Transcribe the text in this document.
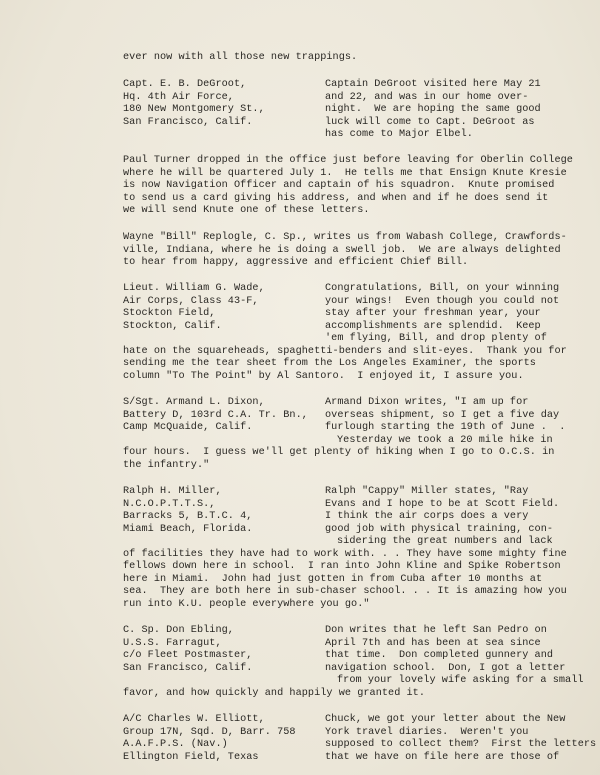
ever now with all those new trappings.
Capt. E. B. DeGroot,
Hq. 4th Air Force,
180 New Montgomery St.,
San Francisco, Calif.
Captain DeGroot visited here May 21
and 22, and was in our home over-
night.  We are hoping the same good
luck will come to Capt. DeGroot as
has come to Major Elbel.
Paul Turner dropped in the office just before leaving for Oberlin College
where he will be quartered July 1.  He tells me that Ensign Knute Kresie
is now Navigation Officer and captain of his squadron.  Knute promised
to send us a card giving his address, and when and if he does send it
we will send Knute one of these letters.
Wayne "Bill" Replogle, C. Sp., writes us from Wabash College, Crawfords-
ville, Indiana, where he is doing a swell job.  We are always delighted
to hear from happy, aggressive and efficient Chief Bill.
Lieut. William G. Wade,
Air Corps, Class 43-F,
Stockton Field,
Stockton, Calif.
Congratulations, Bill, on your winning
your wings!  Even though you could not
stay after your freshman year, your
accomplishments are splendid.  Keep
'em flying, Bill, and drop plenty of
hate on the squareheads, spaghetti-benders and slit-eyes.  Thank you for
sending me the tear sheet from the Los Angeles Examiner, the sports
column "To The Point" by Al Santoro.  I enjoyed it, I assure you.
S/Sgt. Armand L. Dixon,
Battery D, 103rd C.A. Tr. Bn.,
Camp McQuaide, Calif.
Armand Dixon writes, "I am up for
overseas shipment, so I get a five day
furlough starting the 19th of June .  .
Yesterday we took a 20 mile hike in
four hours.  I guess we'll get plenty of hiking when I go to O.C.S. in
the infantry."
Ralph H. Miller,
N.C.O.P.T.T.S.,
Barracks 5, B.T.C. 4,
Miami Beach, Florida.
Ralph "Cappy" Miller states, "Ray
Evans and I hope to be at Scott Field.
I think the air corps does a very
good job with physical training, con-
sidering the great numbers and lack
of facilities they have had to work with. . . They have some mighty fine
fellows down here in school.  I ran into John Kline and Spike Robertson
here in Miami.  John had just gotten in from Cuba after 10 months at
sea.  They are both here in sub-chaser school. . . It is amazing how you
run into K.U. people everywhere you go."
C. Sp. Don Ebling,
U.S.S. Farragut,
c/o Fleet Postmaster,
San Francisco, Calif.
Don writes that he left San Pedro on
April 7th and has been at sea since
that time.  Don completed gunnery and
navigation school.  Don, I got a letter
from your lovely wife asking for a small
favor, and how quickly and happily we granted it.
A/C Charles W. Elliott,
Group 17N, Sqd. D, Barr. 758
A.A.F.P.S. (Nav.)
Ellington Field, Texas
Chuck, we got your letter about the New
York travel diaries.  Weren't you
supposed to collect them?  First the letters
that we have on file here are those of
